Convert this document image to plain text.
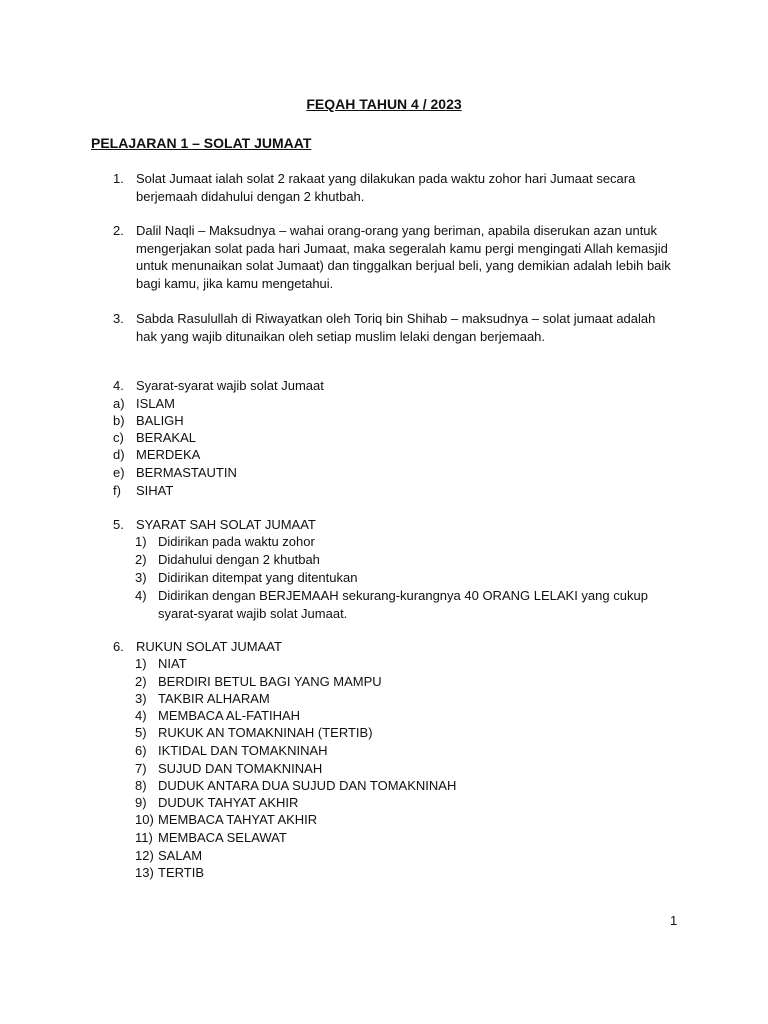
FEQAH TAHUN 4 / 2023
PELAJARAN 1 – SOLAT JUMAAT
1. Solat Jumaat ialah solat 2 rakaat yang dilakukan pada waktu zohor hari Jumaat secara berjemaah didahului dengan 2 khutbah.
2. Dalil Naqli – Maksudnya – wahai orang-orang yang beriman, apabila diserukan azan untuk mengerjakan solat pada hari Jumaat, maka segeralah kamu pergi mengingati Allah kemasjid untuk menunaikan solat Jumaat) dan tinggalkan berjual beli, yang demikian adalah lebih baik bagi kamu, jika kamu mengetahui.
3. Sabda Rasulullah di Riwayatkan oleh Toriq bin Shihab – maksudnya – solat jumaat adalah hak yang wajib ditunaikan oleh setiap muslim lelaki dengan berjemaah.
4. Syarat-syarat wajib solat Jumaat
a) ISLAM
b) BALIGH
c) BERAKAL
d) MERDEKA
e) BERMASTAUTIN
f) SIHAT
5. SYARAT SAH SOLAT JUMAAT
1) Didirikan pada waktu zohor
2) Didahului dengan 2 khutbah
3) Didirikan ditempat yang ditentukan
4) Didirikan dengan BERJEMAAH sekurang-kurangnya 40 ORANG LELAKI yang cukup syarat-syarat wajib solat Jumaat.
6. RUKUN SOLAT JUMAAT
1) NIAT
2) BERDIRI BETUL BAGI YANG MAMPU
3) TAKBIR ALHARAM
4) MEMBACA AL-FATIHAH
5) RUKUK AN TOMAKNINAH (TERTIB)
6) IKTIDAL DAN TOMAKNINAH
7) SUJUD DAN TOMAKNINAH
8) DUDUK ANTARA DUA SUJUD DAN TOMAKNINAH
9) DUDUK TAHYAT AKHIR
10) MEMBACA TAHYAT AKHIR
11) MEMBACA SELAWAT
12) SALAM
13) TERTIB
1
